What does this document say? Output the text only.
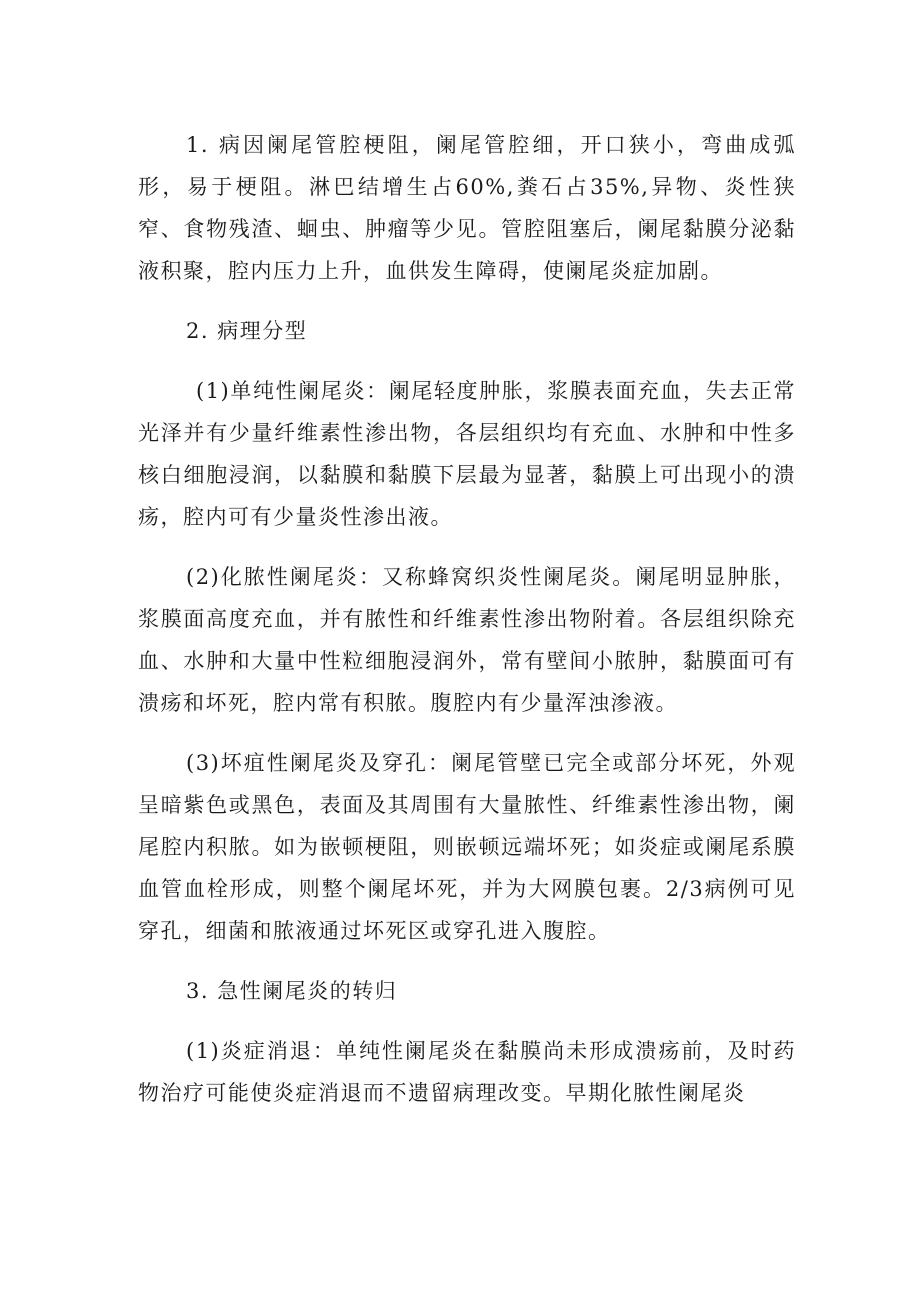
1. 病因阑尾管腔梗阻，阑尾管腔细，开口狭小，弯曲成弧形，易于梗阻。淋巴结增生占60%,粪石占35%,异物、炎性狭窄、食物残渣、蛔虫、肿瘤等少见。管腔阻塞后，阑尾黏膜分泌黏液积聚，腔内压力上升，血供发生障碍，使阑尾炎症加剧。

2. 病理分型

(1)单纯性阑尾炎：阑尾轻度肿胀，浆膜表面充血，失去正常光泽并有少量纤维素性渗出物，各层组织均有充血、水肿和中性多核白细胞浸润，以黏膜和黏膜下层最为显著，黏膜上可出现小的溃疡，腔内可有少量炎性渗出液。

(2)化脓性阑尾炎：又称蜂窝织炎性阑尾炎。阑尾明显肿胀，浆膜面高度充血，并有脓性和纤维素性渗出物附着。各层组织除充血、水肿和大量中性粒细胞浸润外，常有壁间小脓肿，黏膜面可有溃疡和坏死，腔内常有积脓。腹腔内有少量浑浊渗液。

(3)坏疽性阑尾炎及穿孔：阑尾管壁已完全或部分坏死，外观呈暗紫色或黑色，表面及其周围有大量脓性、纤维素性渗出物，阑尾腔内积脓。如为嵌顿梗阻，则嵌顿远端坏死；如炎症或阑尾系膜血管血栓形成，则整个阑尾坏死，并为大网膜包裹。2/3病例可见穿孔，细菌和脓液通过坏死区或穿孔进入腹腔。

3. 急性阑尾炎的转归

(1)炎症消退：单纯性阑尾炎在黏膜尚未形成溃疡前，及时药物治疗可能使炎症消退而不遗留病理改变。早期化脓性阑尾炎
